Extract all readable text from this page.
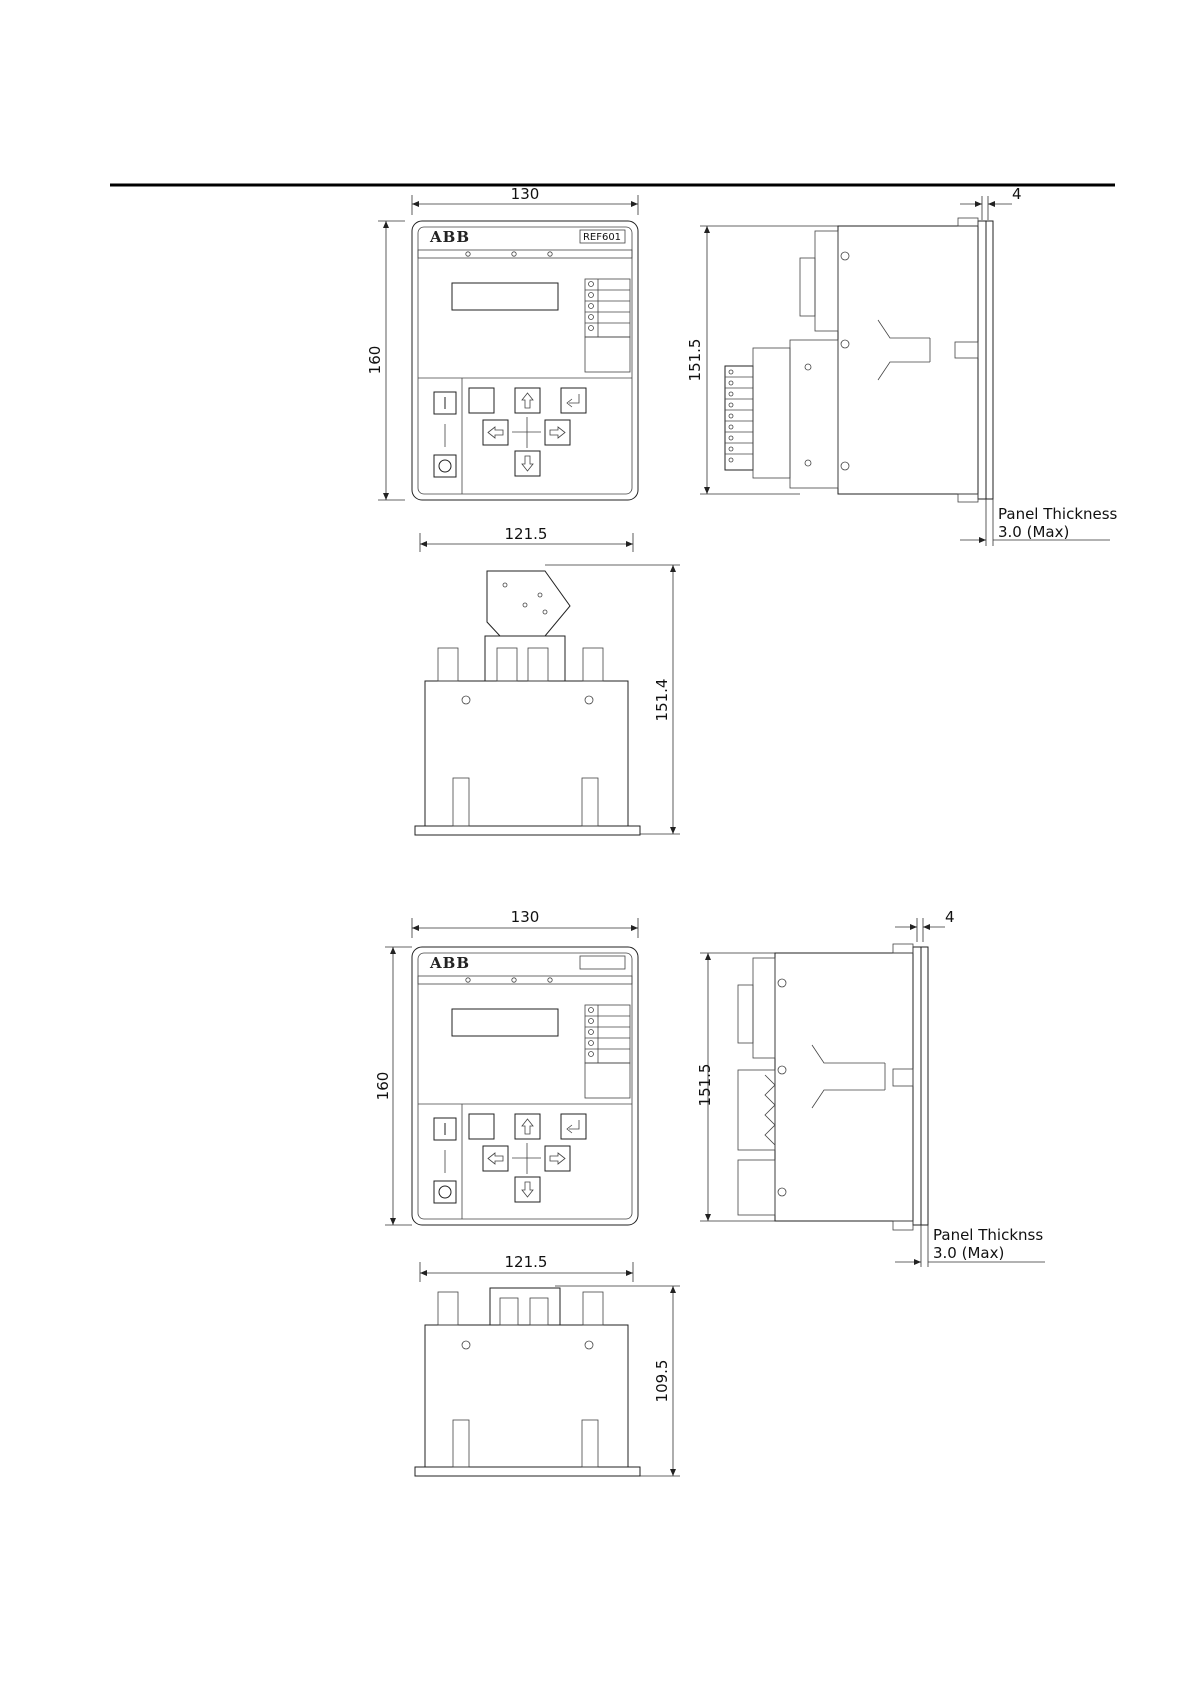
130
160
ABB	REF601
151.5
4
Panel Thickness
3.0 (Max)
121.5
151.4
130
160
ABB
151.5
4
Panel Thicknss
3.0 (Max)
121.5
109.5
